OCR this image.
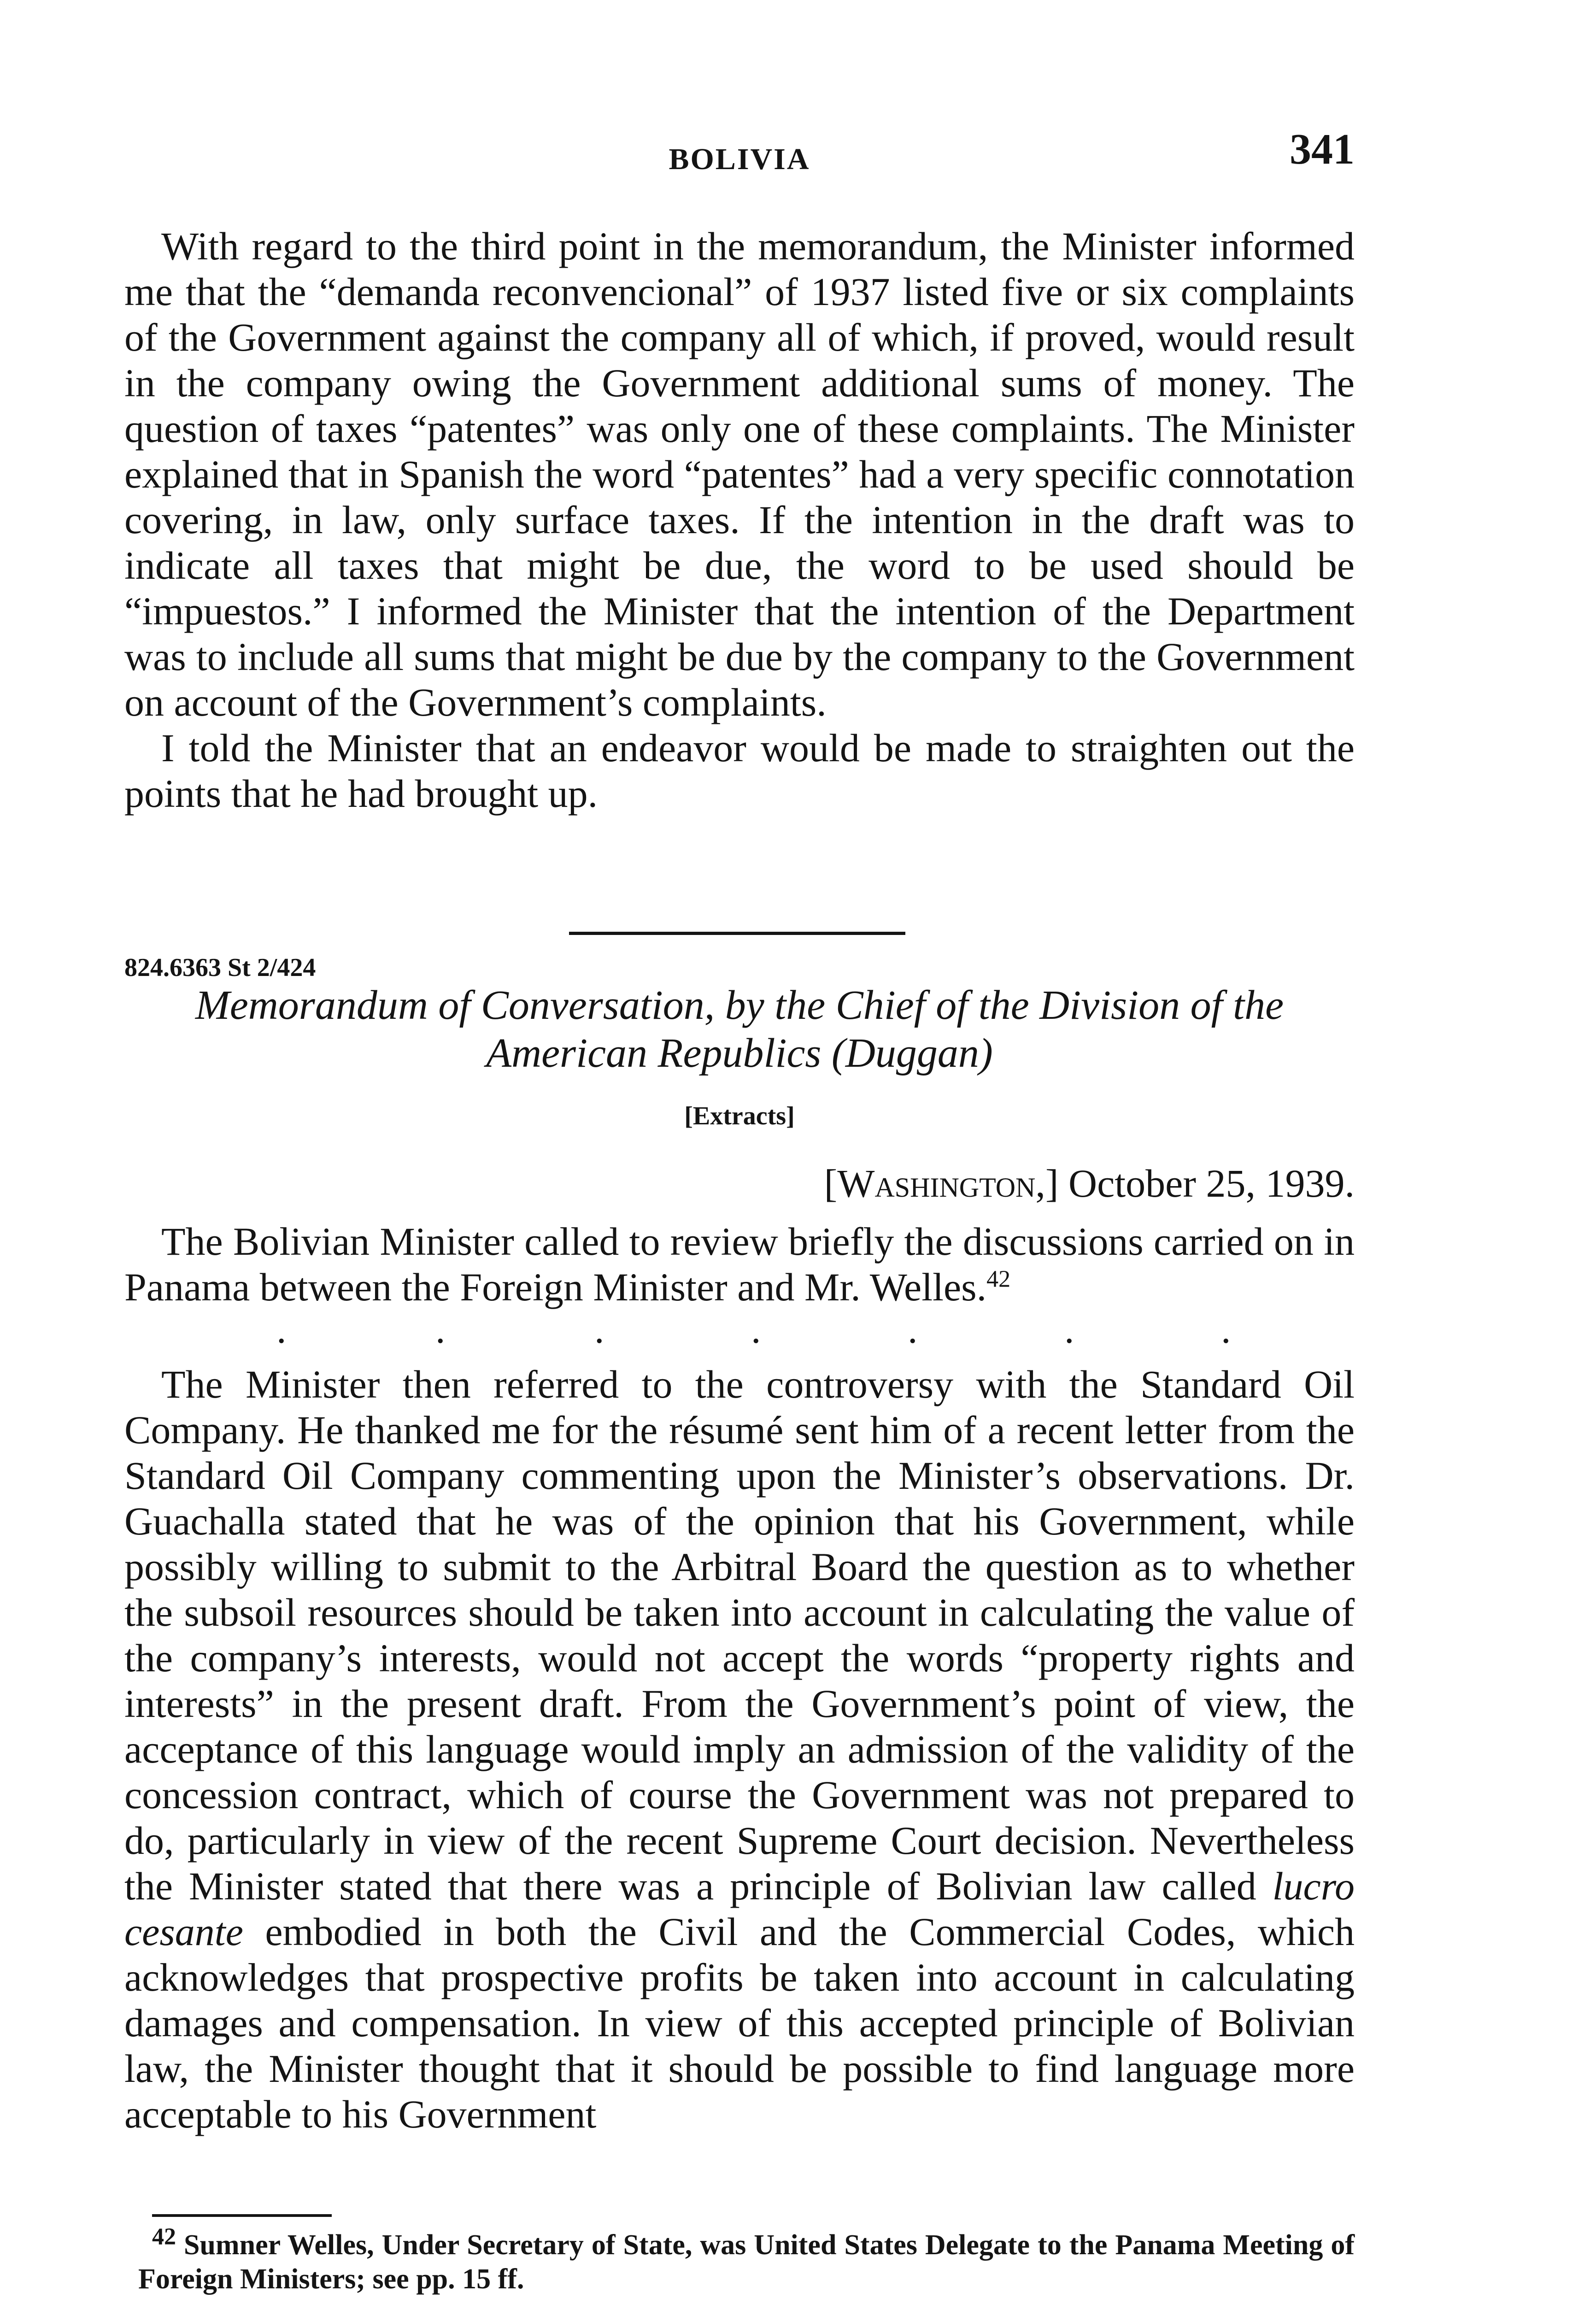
BOLIVIA	341

With regard to the third point in the memorandum, the Minister informed me that the “demanda reconvencional” of 1937 listed five or six complaints of the Government against the company all of which, if proved, would result in the company owing the Government additional sums of money. The question of taxes “patentes” was only one of these complaints. The Minister explained that in Spanish the word “patentes” had a very specific connotation covering, in law, only surface taxes. If the intention in the draft was to indicate all taxes that might be due, the word to be used should be “impuestos.” I informed the Minister that the intention of the Department was to include all sums that might be due by the company to the Government on account of the Government’s complaints.

I told the Minister that an endeavor would be made to straighten out the points that he had brought up.

824.6363 St 2/424
Memorandum of Conversation, by the Chief of the Division of the
American Republics (Duggan)
[Extracts]
[Washington,] October 25, 1939.

The Bolivian Minister called to review briefly the discussions carried on in Panama between the Foreign Minister and Mr. Welles.$^{42}$

.	.	.	.	.	.	.

The Minister then referred to the controversy with the Standard Oil Company. He thanked me for the résumé sent him of a recent letter from the Standard Oil Company commenting upon the Minister’s observations. Dr. Guachalla stated that he was of the opinion that his Government, while possibly willing to submit to the Arbitral Board the question as to whether the subsoil resources should be taken into account in calculating the value of the company’s interests, would not accept the words “property rights and interests” in the present draft. From the Government’s point of view, the acceptance of this language would imply an admission of the validity of the concession contract, which of course the Government was not prepared to do, particularly in view of the recent Supreme Court decision. Nevertheless the Minister stated that there was a principle of Bolivian law called lucro cesante embodied in both the Civil and the Commercial Codes, which acknowledges that prospective profits be taken into account in calculating damages and compensation. In view of this accepted principle of Bolivian law, the Minister thought that it should be possible to find language more acceptable to his Government

$^{42}$ Sumner Welles, Under Secretary of State, was United States Delegate to the Panama Meeting of Foreign Ministers; see pp. 15 ff.
